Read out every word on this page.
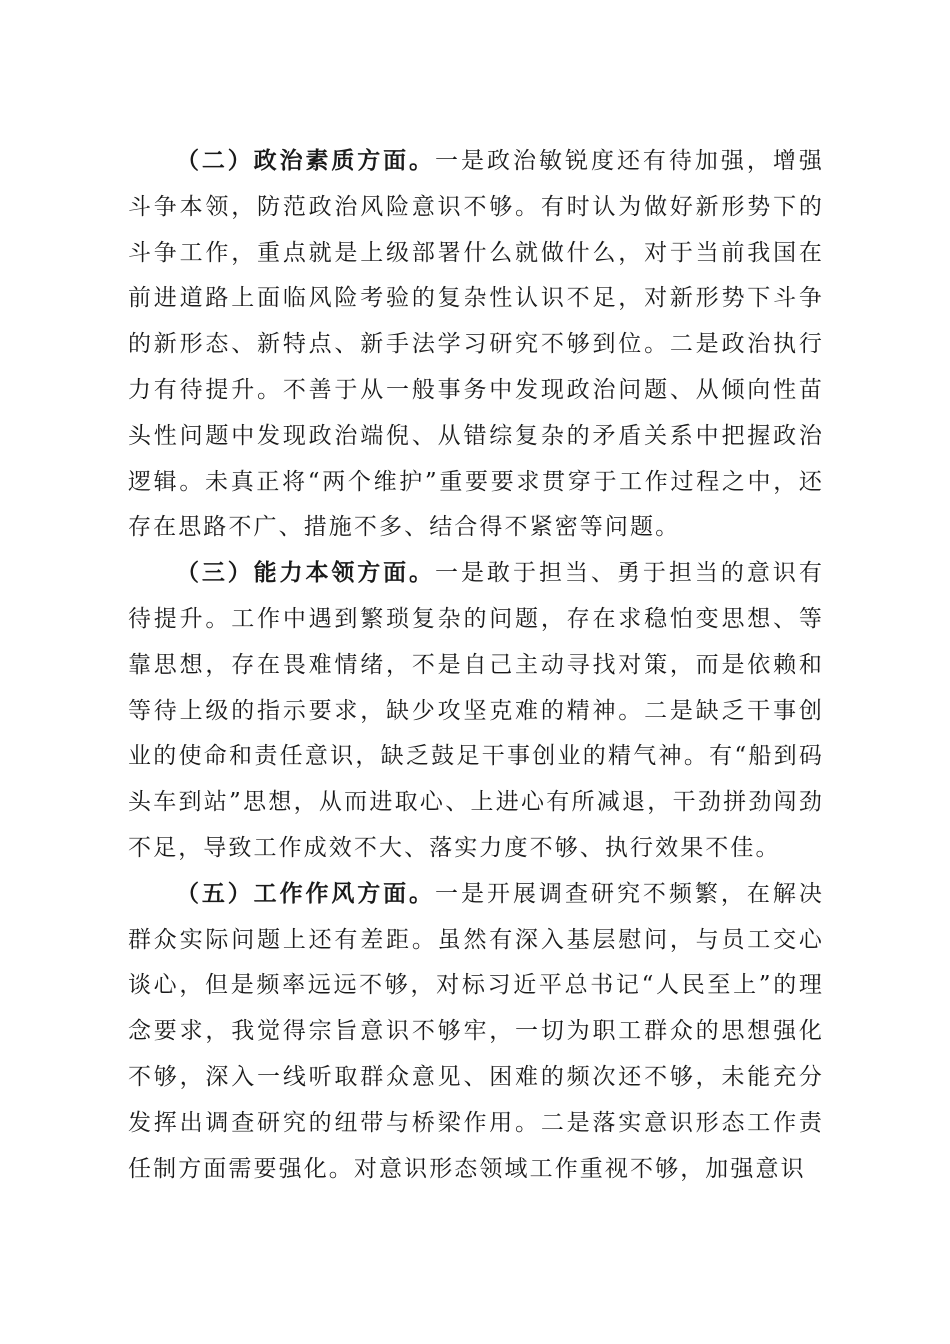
（二）政治素质方面。一是政治敏锐度还有待加强，增强斗争本领，防范政治风险意识不够。有时认为做好新形势下的斗争工作，重点就是上级部署什么就做什么，对于当前我国在前进道路上面临风险考验的复杂性认识不足，对新形势下斗争的新形态、新特点、新手法学习研究不够到位。二是政治执行力有待提升。不善于从一般事务中发现政治问题、从倾向性苗头性问题中发现政治端倪、从错综复杂的矛盾关系中把握政治逻辑。未真正将“两个维护”重要要求贯穿于工作过程之中，还存在思路不广、措施不多、结合得不紧密等问题。

（三）能力本领方面。一是敢于担当、勇于担当的意识有待提升。工作中遇到繁琐复杂的问题，存在求稳怕变思想、等靠思想，存在畏难情绪，不是自己主动寻找对策，而是依赖和等待上级的指示要求，缺少攻坚克难的精神。二是缺乏干事创业的使命和责任意识，缺乏鼓足干事创业的精气神。有“船到码头车到站”思想，从而进取心、上进心有所减退，干劲拼劲闯劲不足，导致工作成效不大、落实力度不够、执行效果不佳。

（五）工作作风方面。一是开展调查研究不频繁，在解决群众实际问题上还有差距。虽然有深入基层慰问，与员工交心谈心，但是频率远远不够，对标习近平总书记“人民至上”的理念要求，我觉得宗旨意识不够牢，一切为职工群众的思想强化不够，深入一线听取群众意见、困难的频次还不够，未能充分发挥出调查研究的纽带与桥梁作用。二是落实意识形态工作责任制方面需要强化。对意识形态领域工作重视不够，加强意识
